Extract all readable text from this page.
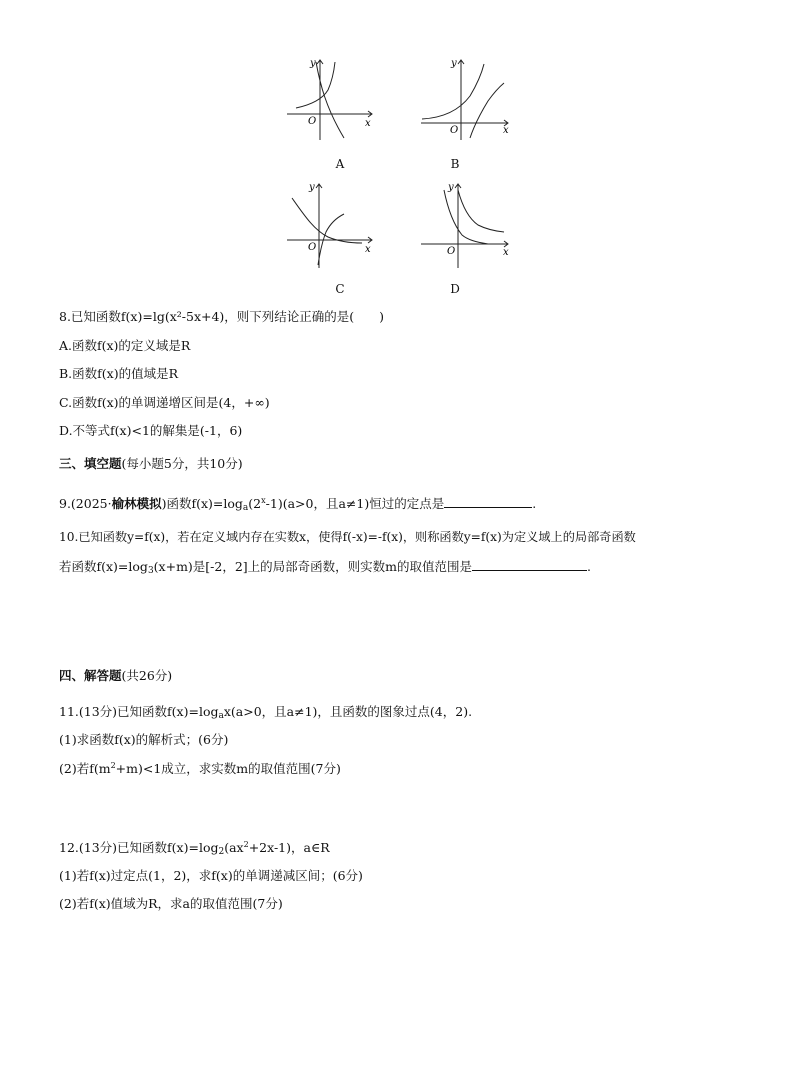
x
y
O
A
x
y
O
B
x
y
O
C
x
y
O
D
8.已知函数f(x)=lg(x²-5x+4)，则下列结论正确的是(　　)
A.函数f(x)的定义域是R
B.函数f(x)的值域是R
C.函数f(x)的单调递增区间是(4，+∞)
D.不等式f(x)<1的解集是(-1，6)
三、填空题(每小题5分，共10分)
9.(2025·榆林模拟)函数$f(x)=\log_a(2^x-1)(a>0$，且a≠1)恒过的定点是	.
10.已知函数y=f(x)，若在定义域内存在实数x，使得f(-x)=-f(x)，则称函数y=f(x)为定义域上的局部奇函数
若函数$f(x)=\log_3(x+m)$是[-2，2]上的局部奇函数，则实数m的取值范围是	.
四、解答题(共26分)
11.(13分)已知函数$f(x)=\log_ax(a>0$，且a≠1)，且函数的图象过点(4，2).
(1)求函数f(x)的解析式；(6分)
(2)若$f(m^2+m)<1$成立，求实数m的取值范围(7分)
12.(13分)已知函数$f(x)=\log_2(ax^2+2x-1)$，a∈R
(1)若f(x)过定点(1，2)，求f(x)的单调递减区间；(6分)
(2)若f(x)值域为R，求a的取值范围(7分)
